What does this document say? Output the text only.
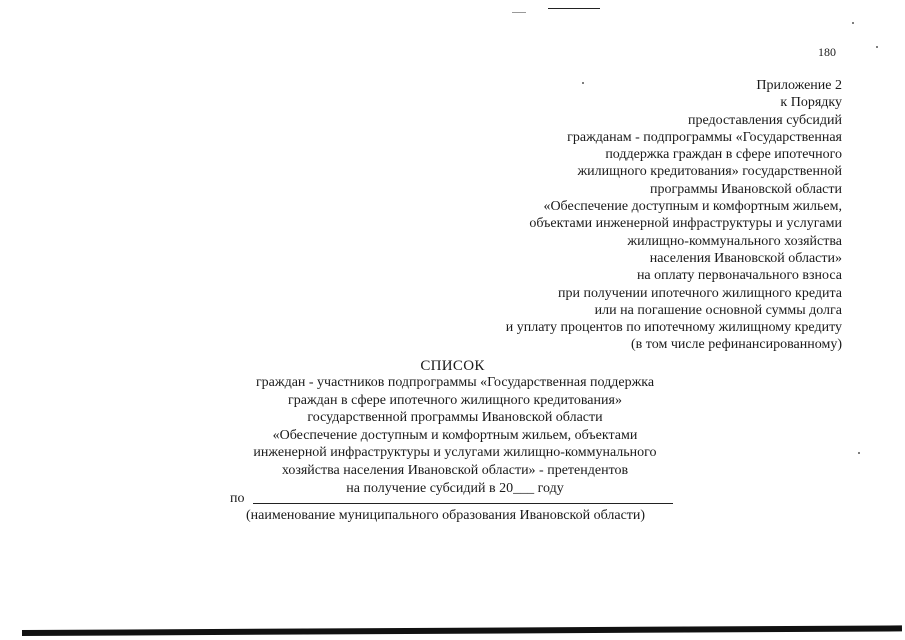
180
Приложение 2
к Порядку
предоставления субсидий
гражданам - подпрограммы «Государственная
поддержка граждан в сфере ипотечного
жилищного кредитования» государственной
программы Ивановской области
«Обеспечение доступным и комфортным жильем,
объектами инженерной инфраструктуры и услугами
жилищно-коммунального хозяйства
населения Ивановской области»
на оплату первоначального взноса
при получении ипотечного жилищного кредита
или на погашение основной суммы долга
и уплату процентов по ипотечному жилищному кредиту
(в том числе рефинансированному)
СПИСОК
граждан - участников подпрограммы «Государственная поддержка
граждан в сфере ипотечного жилищного кредитования»
государственной программы Ивановской области
«Обеспечение доступным и комфортным жильем, объектами
инженерной инфраструктуры и услугами жилищно-коммунального
хозяйства населения Ивановской области» - претендентов
на получение субсидий в 20___ году
по
(наименование муниципального образования Ивановской области)
